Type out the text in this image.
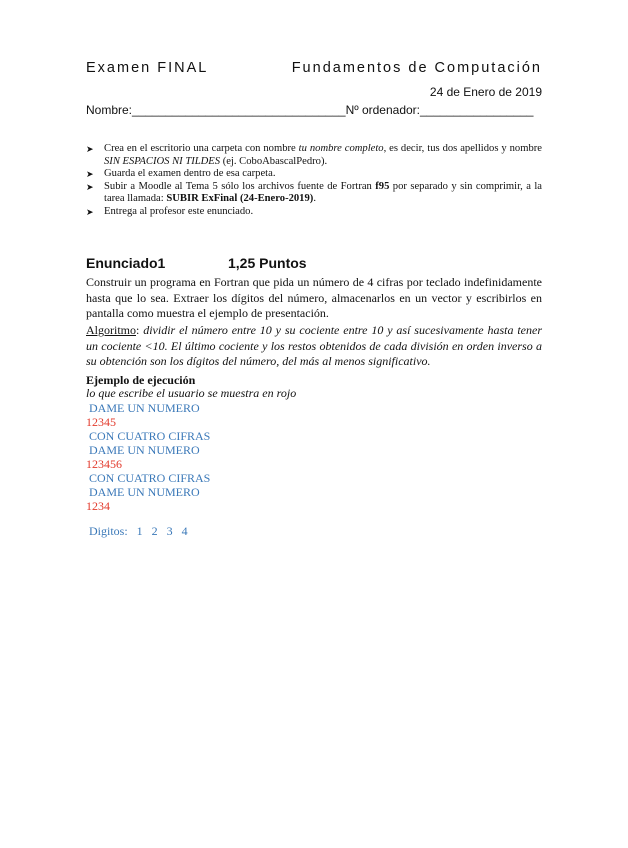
Examen FINAL	Fundamentos de Computación
24 de Enero de 2019
Nombre:________________________________Nº ordenador:_________________
➤ Crea en el escritorio una carpeta con nombre tu nombre completo, es decir, tus dos apellidos y nombre SIN ESPACIOS NI TILDES (ej. CoboAbascalPedro).
➤ Guarda el examen dentro de esa carpeta.
➤ Subir a Moodle al Tema 5 sólo los archivos fuente de Fortran f95 por separado y sin comprimir, a la tarea llamada: SUBIR ExFinal (24-Enero-2019).
➤ Entrega al profesor este enunciado.
Enunciado1	1,25 Puntos
Construir un programa en Fortran que pida un número de 4 cifras por teclado indefinidamente hasta que lo sea. Extraer los dígitos del número, almacenarlos en un vector y escribirlos en pantalla como muestra el ejemplo de presentación.
Algoritmo: dividir el número entre 10 y su cociente entre 10 y así sucesivamente hasta tener un cociente <10. El último cociente y los restos obtenidos de cada división en orden inverso a su obtención son los dígitos del número, del más al menos significativo.
Ejemplo de ejecución
lo que escribe el usuario se muestra en rojo
DAME UN NUMERO
12345
CON CUATRO CIFRAS
DAME UN NUMERO
123456
CON CUATRO CIFRAS
DAME UN NUMERO
1234
Digitos:   1   2   3   4
